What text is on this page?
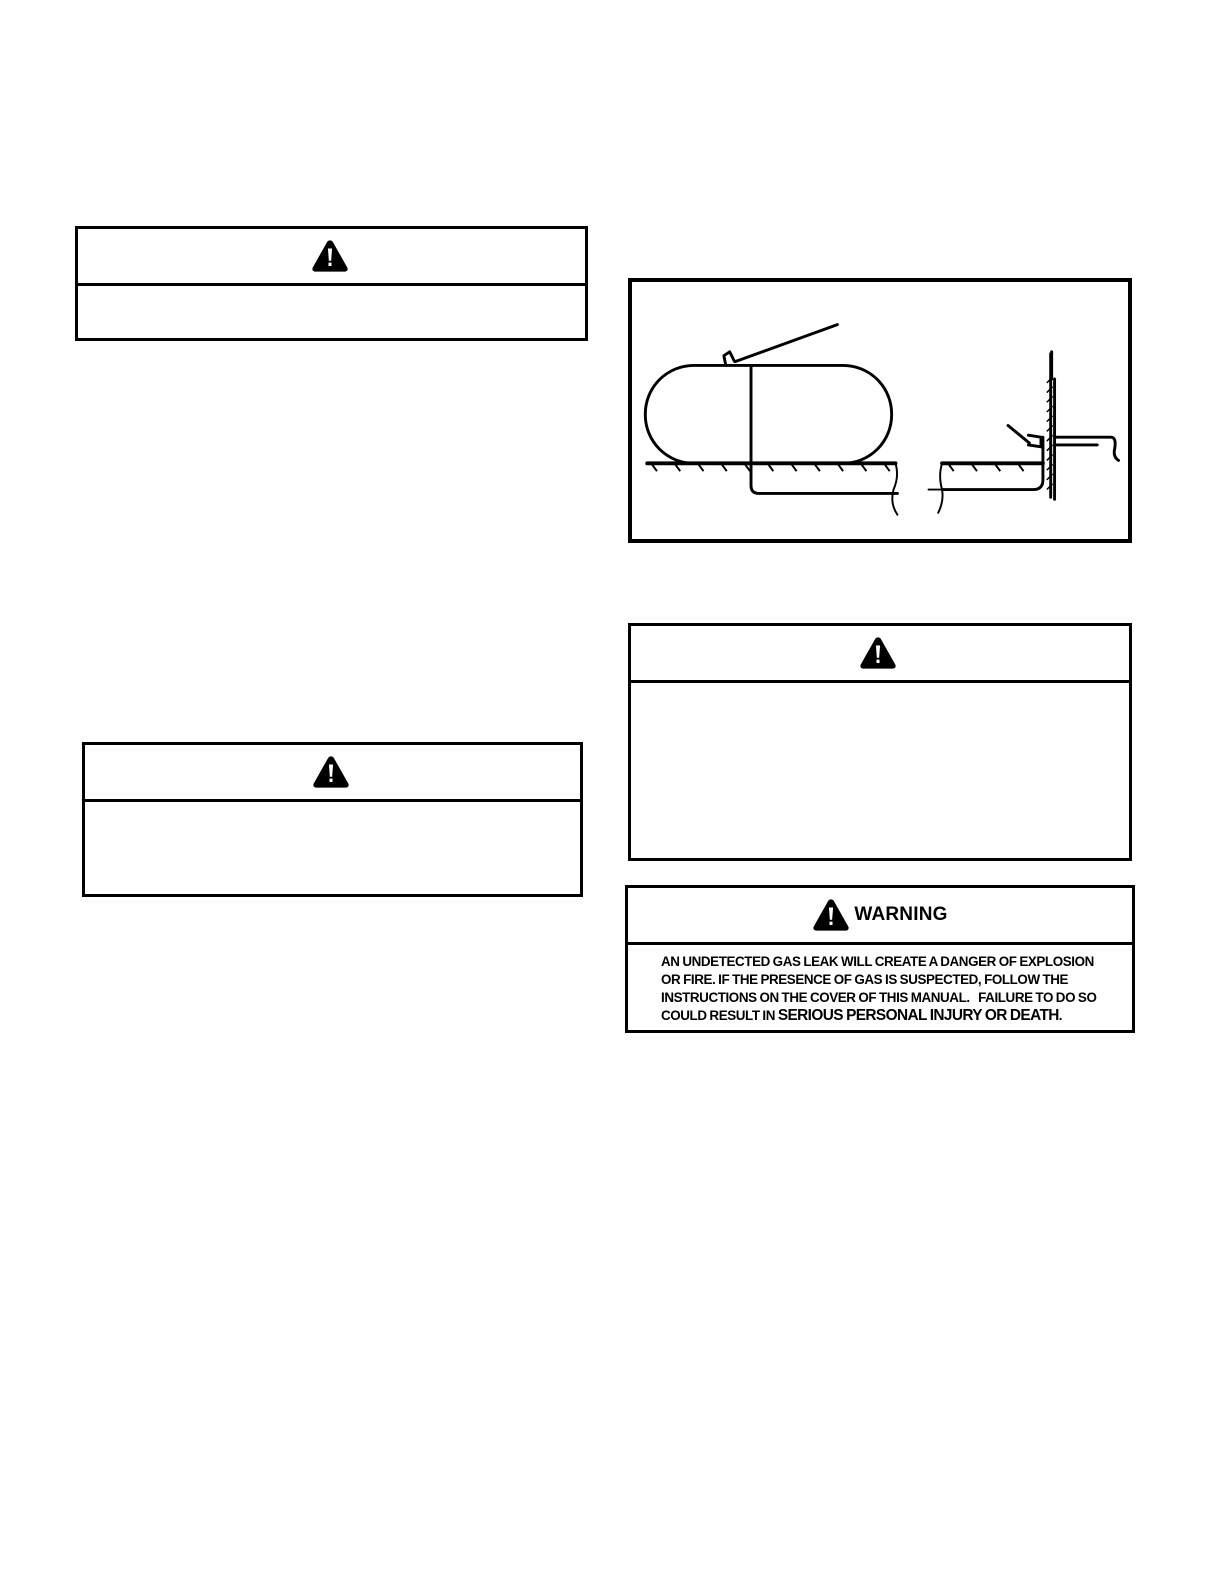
WARNING
AN UNDETECTED GAS LEAK WILL CREATE A DANGER OF EXPLOSION
OR FIRE. IF THE PRESENCE OF GAS IS SUSPECTED, FOLLOW THE
INSTRUCTIONS ON THE COVER OF THIS MANUAL.   FAILURE TO DO SO
COULD RESULT IN SERIOUS PERSONAL INJURY OR DEATH.
